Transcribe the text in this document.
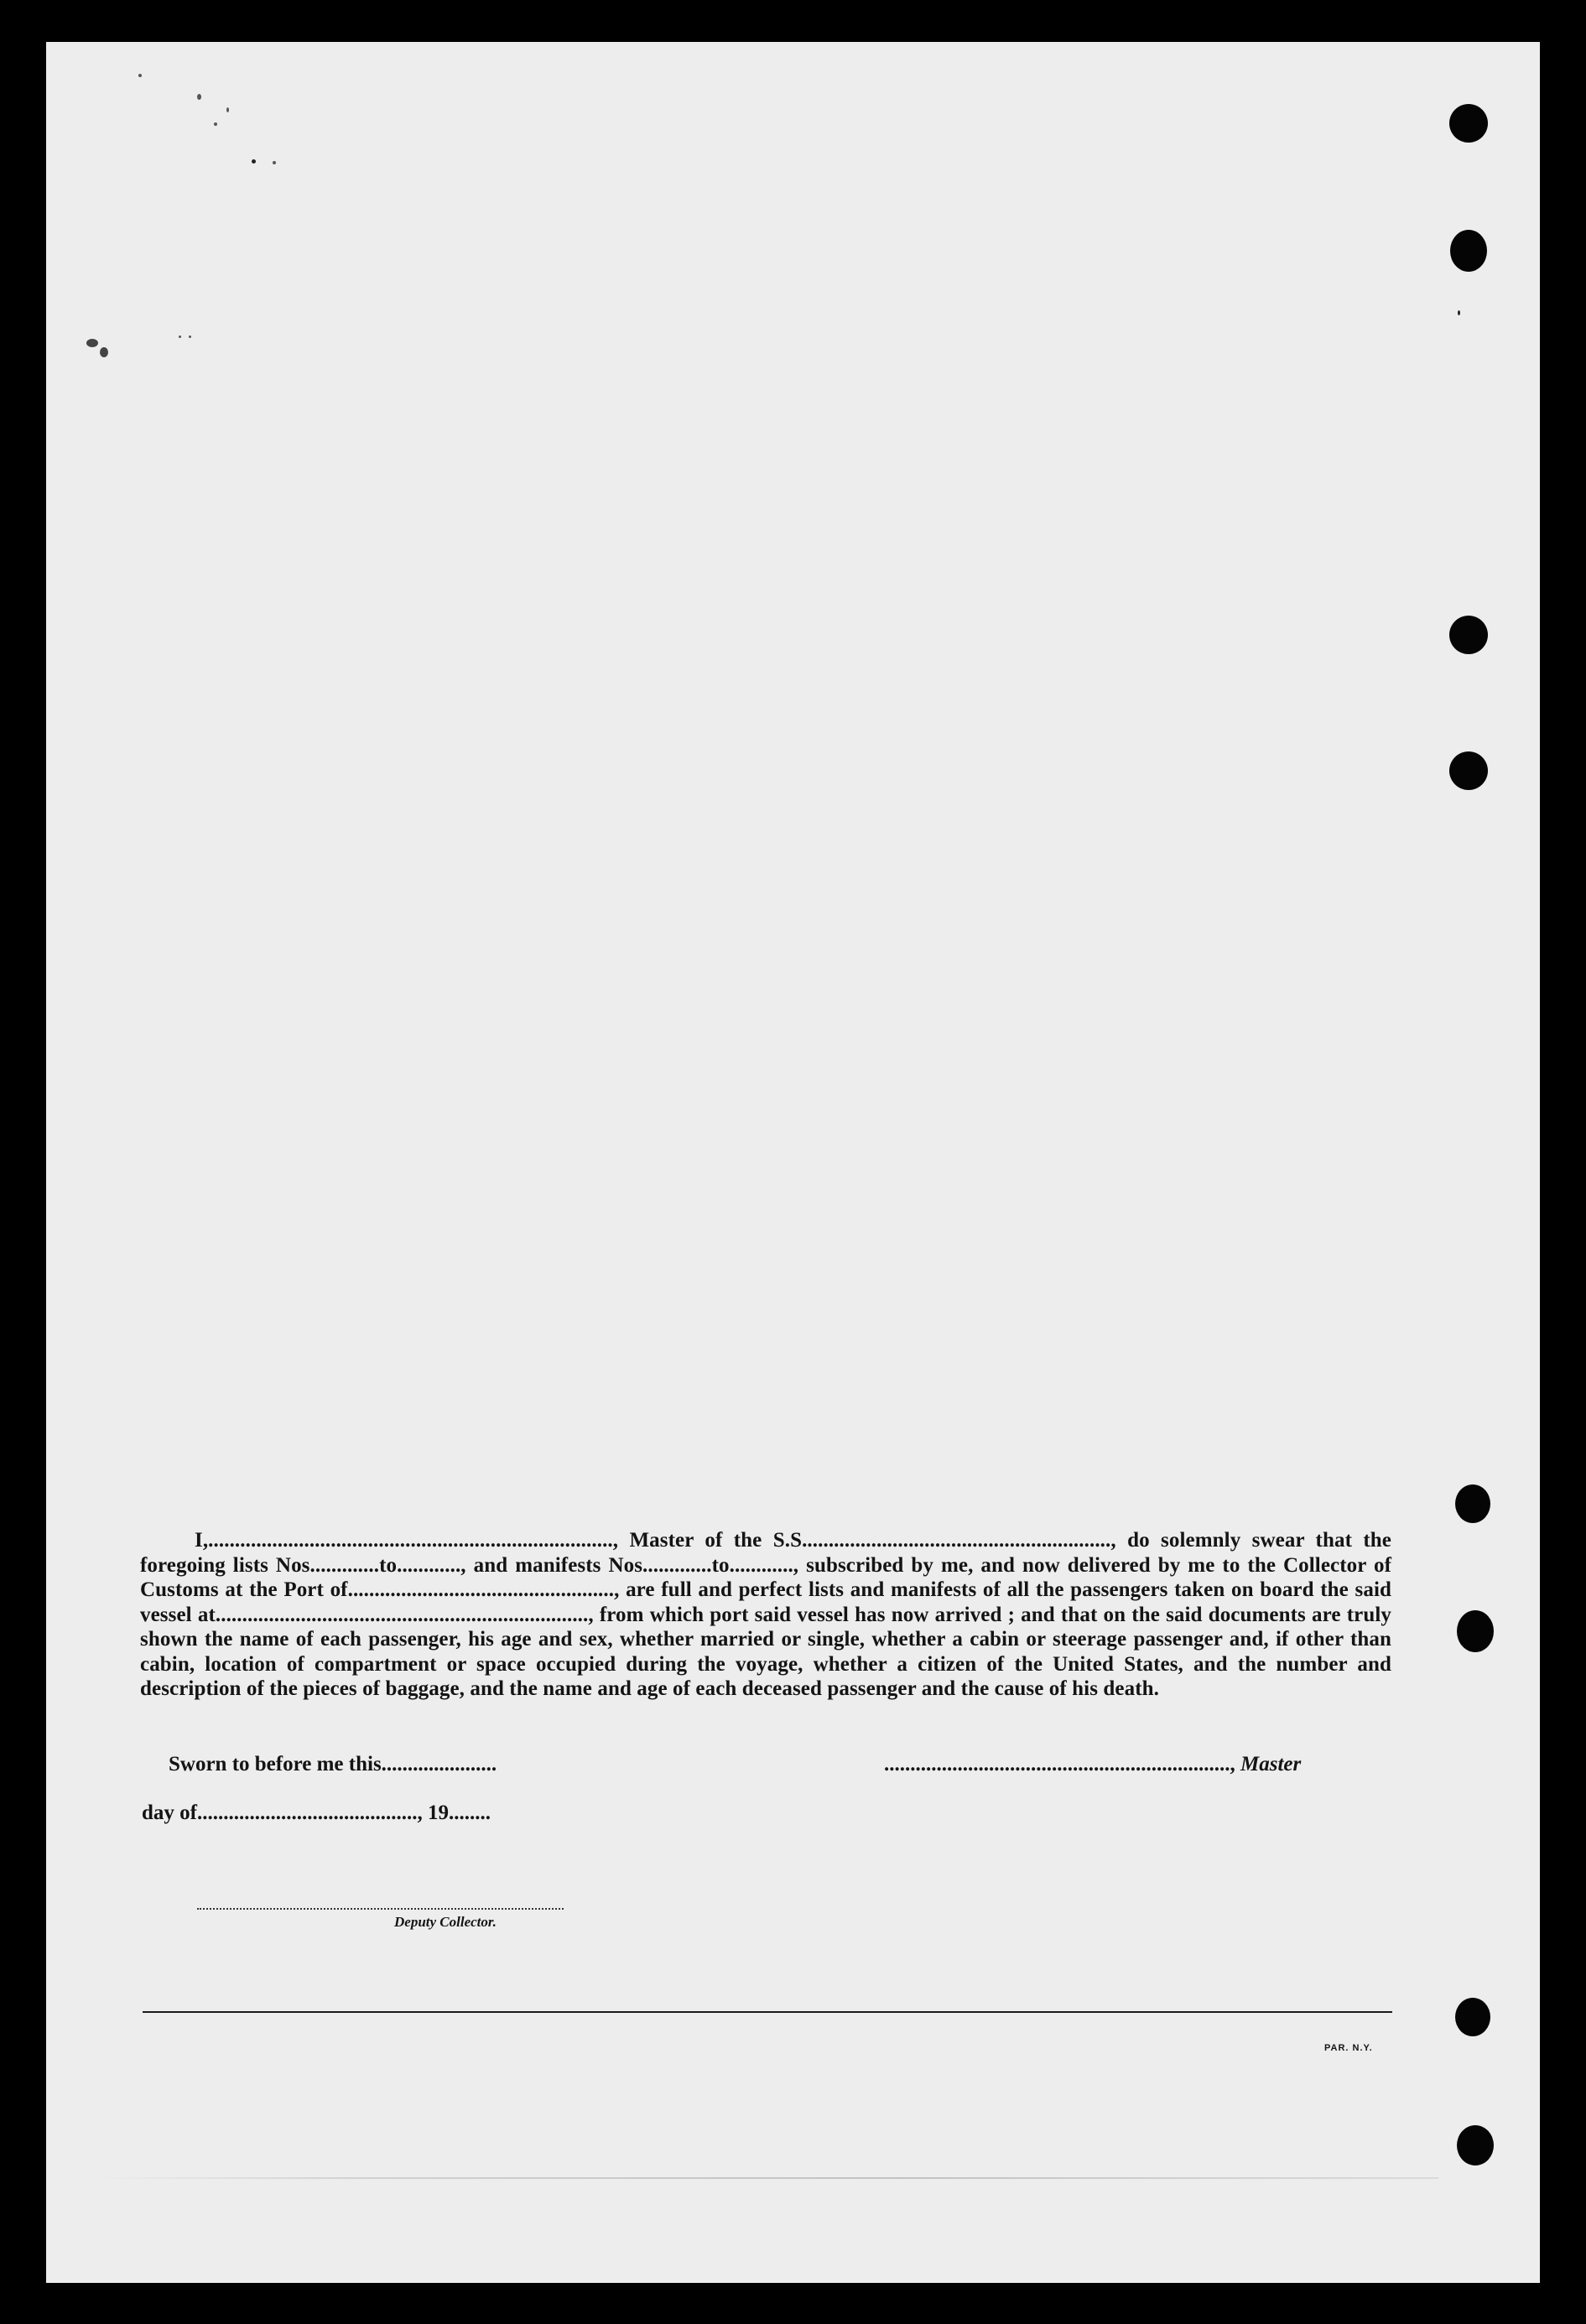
I,............................................................................, Master of the S.S.........................................................., do solemnly swear that the foregoing lists Nos.............to............, and manifests Nos.............to............, subscribed by me, and now delivered by me to the Collector of Customs at the Port of.................................................., are full and perfect lists and manifests of all the passengers taken on board the said vessel at......................................................................, from which port said vessel has now arrived ; and that on the said documents are truly shown the name of each passenger, his age and sex, whether married or single, whether a cabin or steerage passenger and, if other than cabin, location of compartment or space occupied during the voyage, whether a citizen of the United States, and the number and description of the pieces of baggage, and the name and age of each deceased passenger and the cause of his death.

Sworn to before me this......................	.................................................................., Master
day of.........................................., 19........
Deputy Collector.
PAR. N.Y.
